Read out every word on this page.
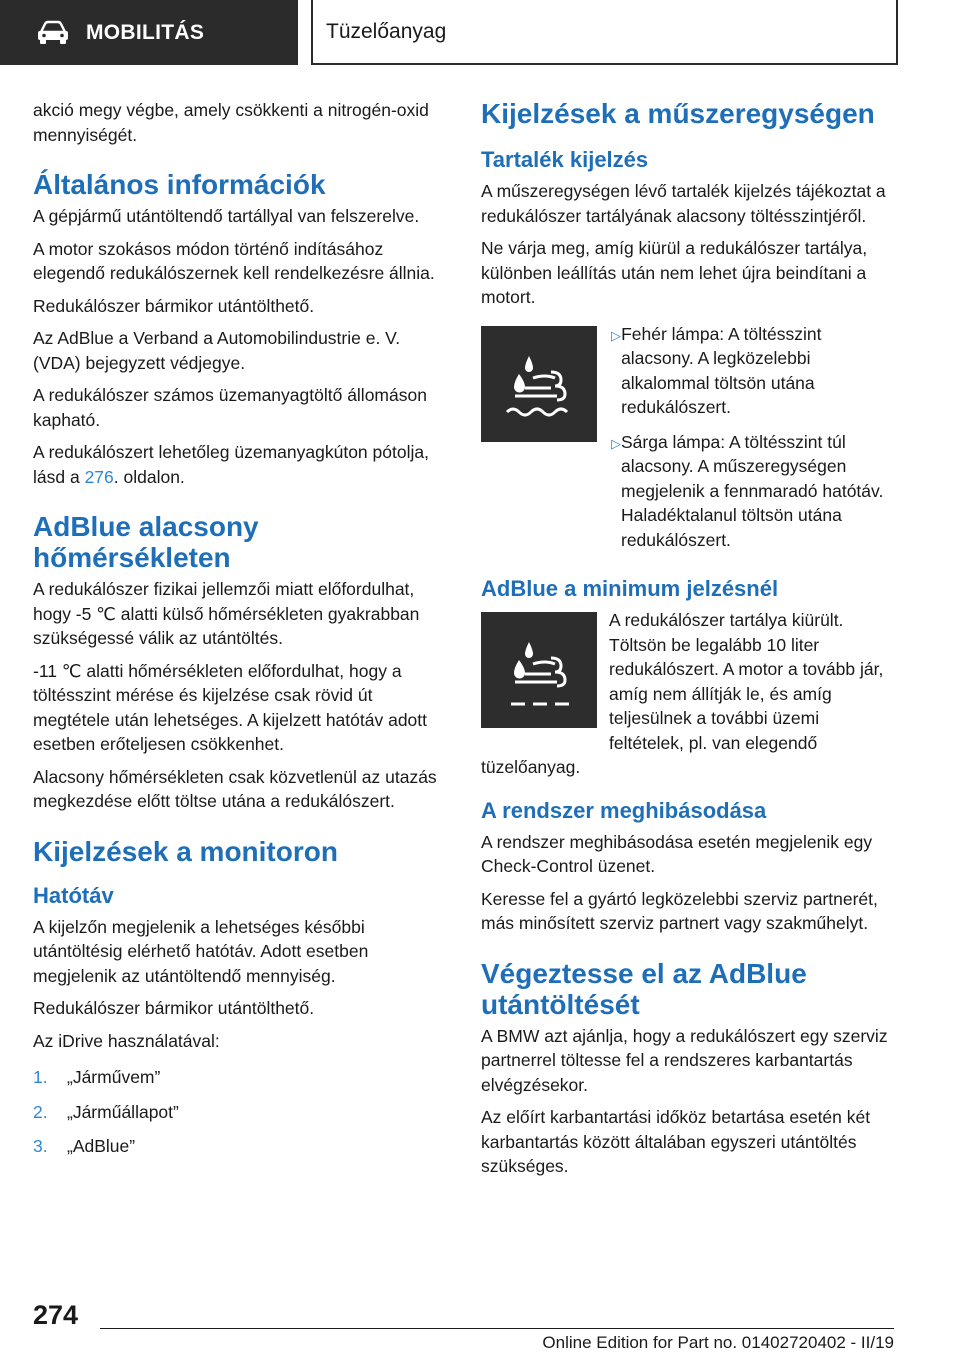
MOBILITÁS	Tüzelőanyag

akció megy végbe, amely csökkenti a nitrogén-oxid mennyiségét.

Általános információk

A gépjármű utántöltendő tartállyal van felszerelve.

A motor szokásos módon történő indításához elegendő redukálószernek kell rendelkezésre állnia.

Redukálószer bármikor utántölthető.

Az AdBlue a Verband a Automobilindustrie e. V. (VDA) bejegyzett védjegye.

A redukálószer számos üzemanyagtöltő állomáson kapható.

A redukálószert lehetőleg üzemanyagkúton pótolja, lásd a 276. oldalon.

AdBlue alacsony hőmérsékleten

A redukálószer fizikai jellemzői miatt előfordulhat, hogy -5 ℃ alatti külső hőmérsékleten gyakrabban szükségessé válik az utántöltés.

-11 ℃ alatti hőmérsékleten előfordulhat, hogy a töltésszint mérése és kijelzése csak rövid út megtétele után lehetséges. A kijelzett hatótáv adott esetben erőteljesen csökkenhet.

Alacsony hőmérsékleten csak közvetlenül az utazás megkezdése előtt töltse utána a redukálószert.

Kijelzések a monitoron
Hatótáv

A kijelzőn megjelenik a lehetséges későbbi utántöltésig elérhető hatótáv. Adott esetben megjelenik az utántöltendő mennyiség.

Redukálószer bármikor utántölthető.

Az iDrive használatával:

1.	„Járművem”
2.	„Járműállapot”
3.	„AdBlue”
Kijelzések a műszeregységen
Tartalék kijelzés

A műszeregységen lévő tartalék kijelzés tájékoztat a redukálószer tartályának alacsony töltésszintjéről.

Ne várja meg, amíg kiürül a redukálószer tartálya, különben leállítás után nem lehet újra beindítani a motort.

▷ Fehér lámpa: A töltésszint alacsony. A legközelebbi alkalommal töltsön utána redukálószert.
▷ Sárga lámpa: A töltésszint túl alacsony. A műszeregységen megjelenik a fennmaradó hatótáv. Haladéktalanul töltsön utána redukálószert.
AdBlue a minimum jelzésnél

A redukálószer tartálya kiürült. Töltsön be legalább 10 liter redukálószert. A motor a tovább jár, amíg nem állítják le, és amíg teljesülnek a további üzemi feltételek, pl. van elegendő tüzelőanyag.

A rendszer meghibásodása

A rendszer meghibásodása esetén megjelenik egy Check-Control üzenet.

Keresse fel a gyártó legközelebbi szerviz partnerét, más minősített szerviz partnert vagy szakműhelyt.

Végeztesse el az AdBlue utántöltését

A BMW azt ajánlja, hogy a redukálószert egy szerviz partnerrel töltesse fel a rendszeres karbantartás elvégzésekor.

Az előírt karbantartási időköz betartása esetén két karbantartás között általában egyszeri utántöltés szükséges.

274
Online Edition for Part no. 01402720402 - II/19
